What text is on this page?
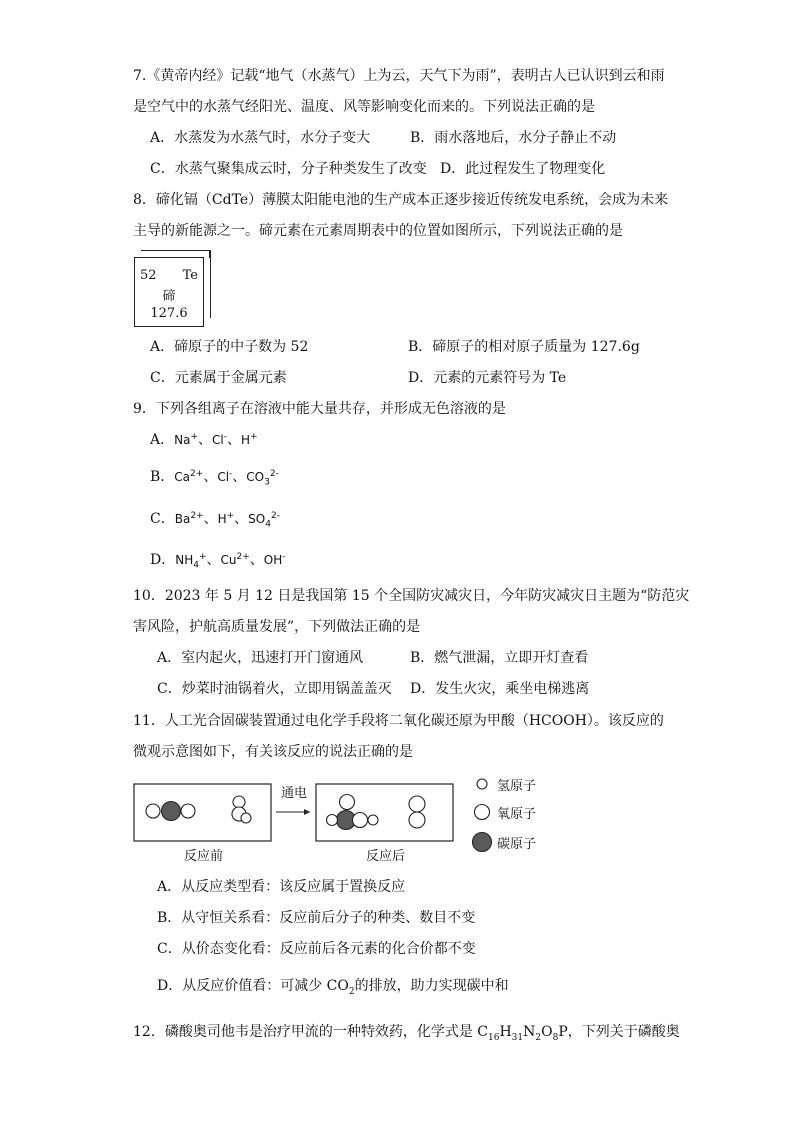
7.《黄帝内经》记载“地气（水蒸气）上为云，天气下为雨”，表明古人已认识到云和雨
是空气中的水蒸气经阳光、温度、风等影响变化而来的。下列说法正确的是
A．水蒸发为水蒸气时，水分子变大	B．雨水落地后，水分子静止不动
C．水蒸气聚集成云时，分子种类发生了改变 D．此过程发生了物理变化
8．碲化镉（CdTe）薄膜太阳能电池的生产成本正逐步接近传统发电系统，会成为未来
主导的新能源之一。碲元素在元素周期表中的位置如图所示，下列说法正确的是
52 Te
碲
127.6
A．碲原子的中子数为 52	B．碲原子的相对原子质量为 127.6g
C．元素属于金属元素	D．元素的元素符号为 Te
9．下列各组离子在溶液中能大量共存，并形成无色溶液的是
A．Na+、Cl-、H+
B．$Ca^{2+}$、Cl-、$CO_3^{2-}$
C．$Ba^{2+}$、H+、$SO_4^{2-}$
D．$NH_4^+$、$Cu^{2+}$、OH-
10．2023 年 5 月 12 日是我国第 15 个全国防灾减灾日，今年防灾减灾日主题为“防范灾
害风险，护航高质量发展”，下列做法正确的是
A．室内起火，迅速打开门窗通风	B．燃气泄漏，立即开灯查看
C．炒菜时油锅着火，立即用锅盖盖灭 D．发生火灾，乘坐电梯逃离
11．人工光合固碳装置通过电化学手段将二氧化碳还原为甲酸（HCOOH）。该反应的
微观示意图如下，有关该反应的说法正确的是
通电
反应前	反应后
氢原子
氧原子
碳原子
A．从反应类型看：该反应属于置换反应
B．从守恒关系看：反应前后分子的种类、数目不变
C．从价态变化看：反应前后各元素的化合价都不变
D．从反应价值看：可减少 $CO_2$的排放，助力实现碳中和
12．磷酸奥司他韦是治疗甲流的一种特效药，化学式是 $C_{16}H_{31}N_2O_8P$，下列关于磷酸奥
